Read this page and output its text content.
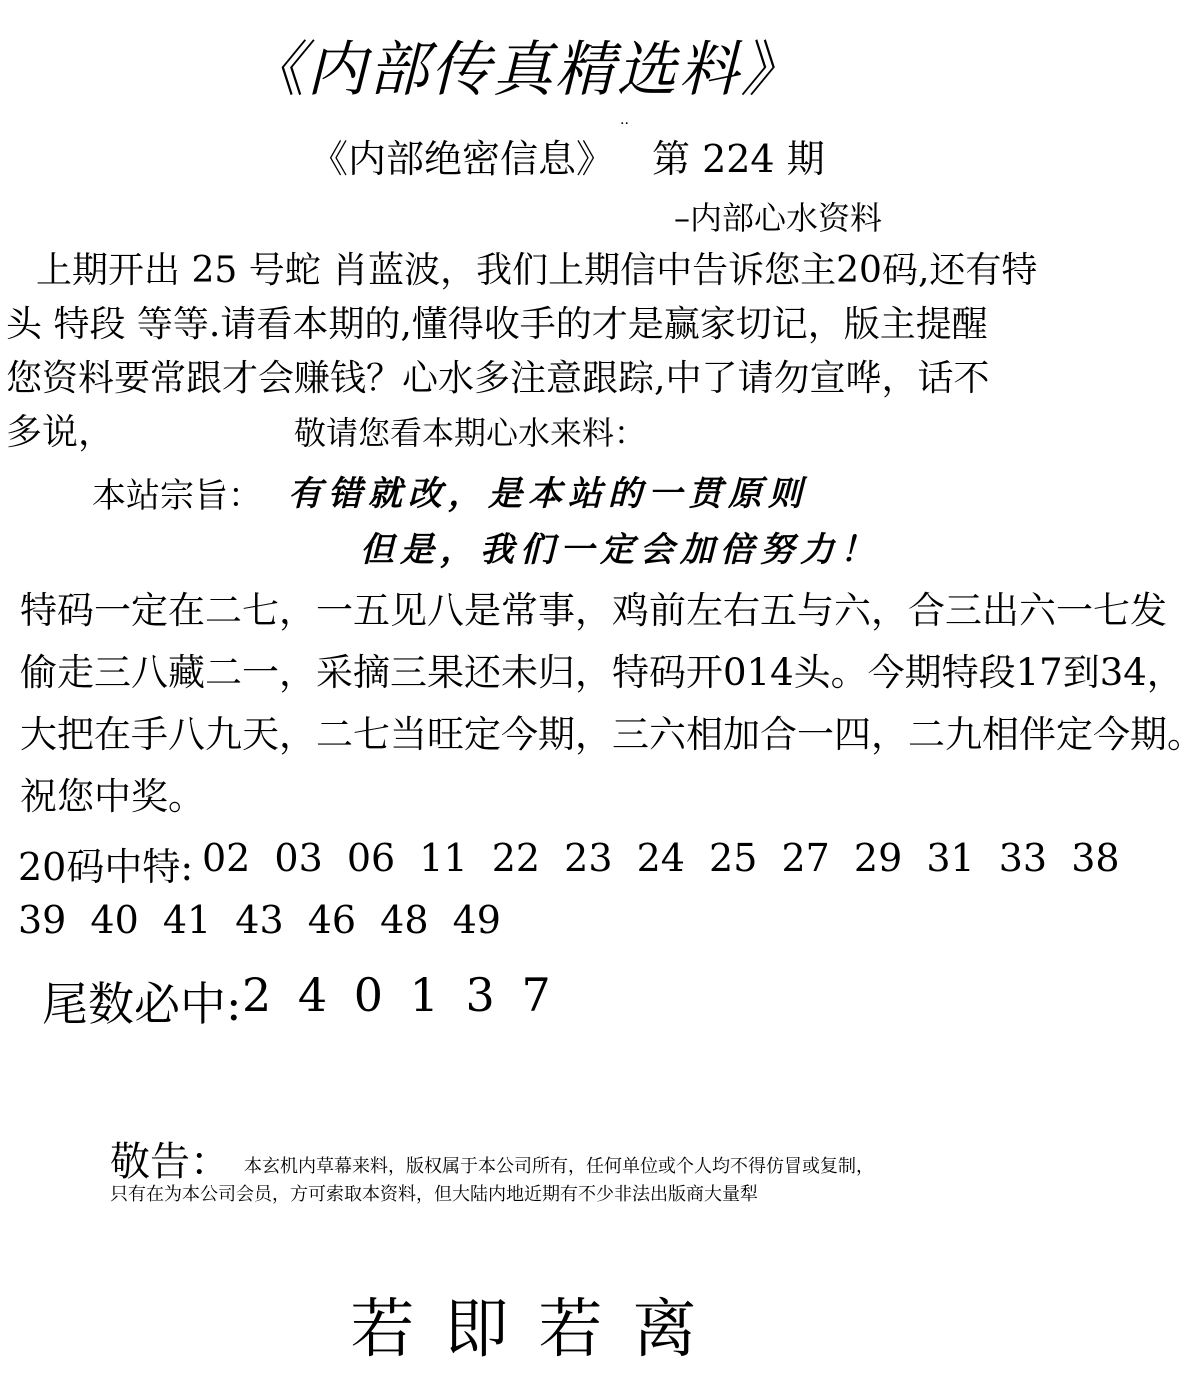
《内部传真精选料》
..
《内部绝密信息》 第 224 期
–内部心水资料
上期开出 25 号蛇 肖蓝波，我们上期信中告诉您主20码,还有特
头 特段 等等.请看本期的,懂得收手的才是赢家切记，版主提醒
您资料要常跟才会赚钱？心水多注意跟踪,中了请勿宣哗，话不
多说，	敬请您看本期心水来料：
本站宗旨： 有错就改，是本站的一贯原则
但是，我们一定会加倍努力！
特码一定在二七，一五见八是常事，鸡前左右五与六，合三出六一七发
偷走三八藏二一，采摘三果还未归，特码开014头。今期特段17到34，
大把在手八九天，二七当旺定今期，三六相加合一四，二九相伴定今期。
祝您中奖。
20码中特: 02 03 06 11 22 23 24 25 27 29 31 33 38
39 40 41 43 46 48 49
尾数必中: 2 4 0 1 3 7
敬告： 本玄机内草幕来料，版权属于本公司所有，任何单位或个人均不得仿冒或复制，
只有在为本公司会员，方可索取本资料，但大陆内地近期有不少非法出版商大量犁
若即若离
